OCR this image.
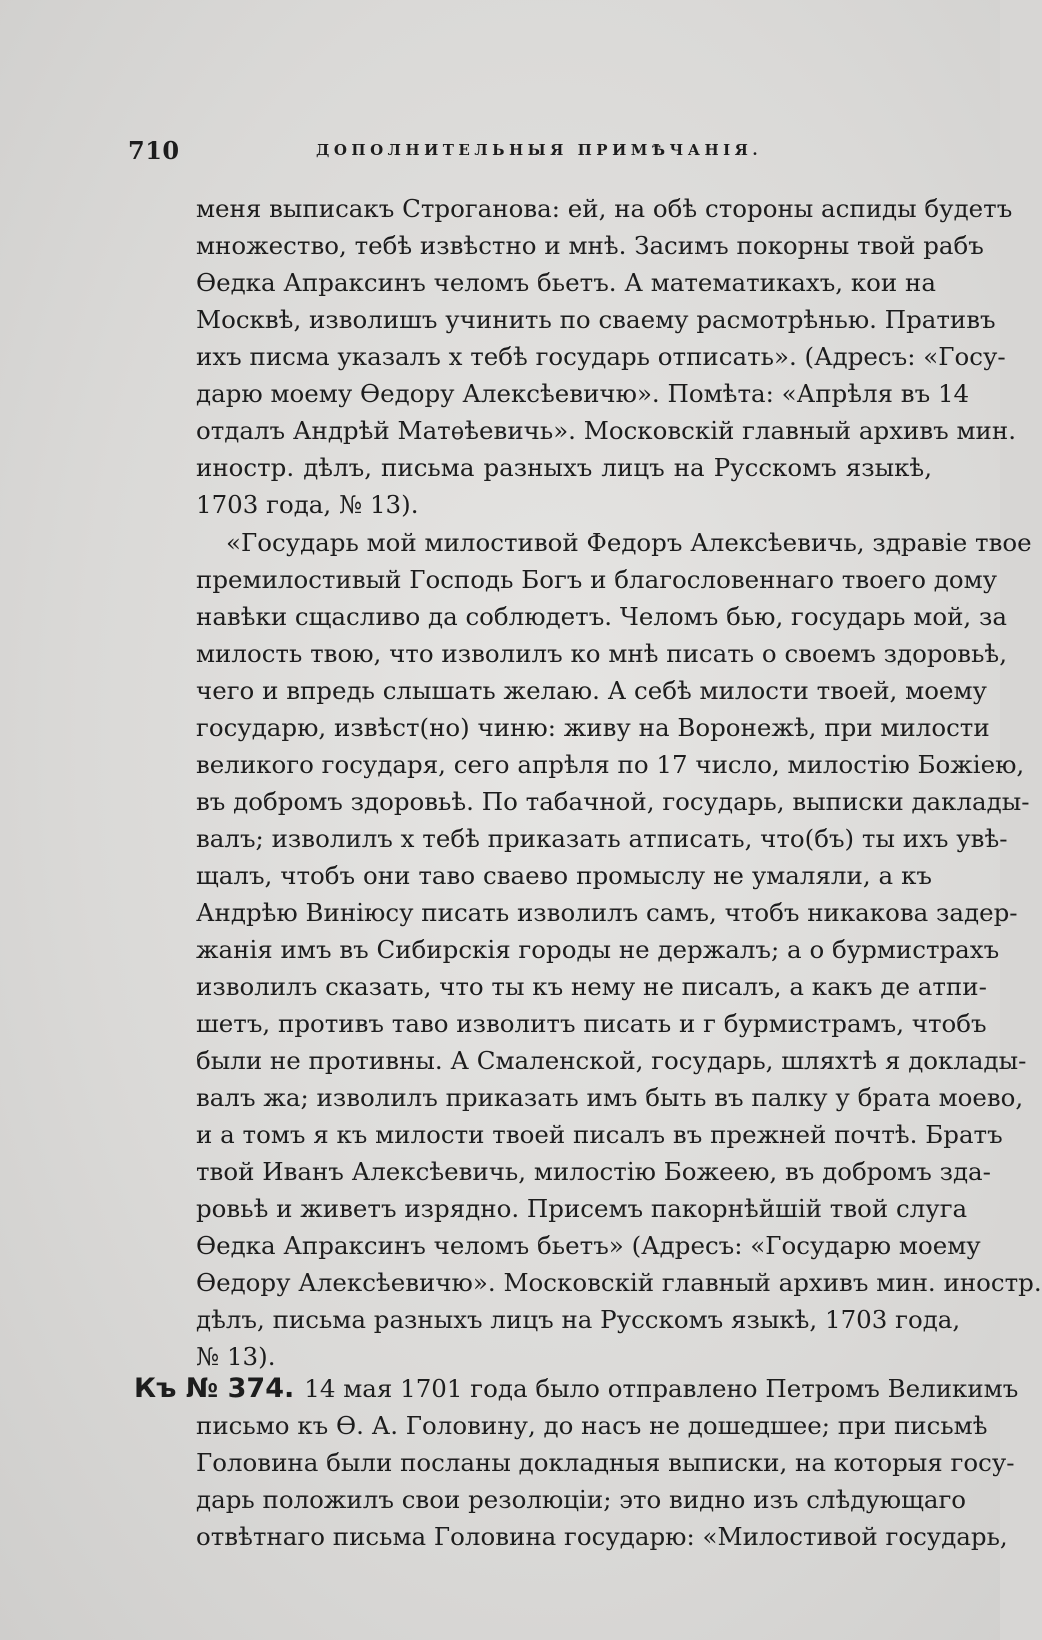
710	ДОПОЛНИТЕЛЬНЫЯ ПРИМѢЧАНІЯ.
меня выписакъ Строганова: ей, на обѣ стороны аспиды будетъ
множество, тебѣ извѣстно и мнѣ. Засимъ покорны твой рабъ
Ѳедка Апраксинъ челомъ бьетъ. А математикахъ, кои на
Москвѣ, изволишъ учинить по сваему расмотрѣнью. Пративъ
ихъ писма указалъ х тебѣ государь отписать». (Адресъ: «Госу-
дарю моему Ѳедору Алексѣевичю». Помѣта: «Апрѣля въ 14
отдалъ Андрѣй Матѳѣевичь». Московскій главный архивъ мин.
иностр. дѣлъ, письма разныхъ лицъ на Русскомъ языкѣ,
1703 года, № 13).
«Государь мой милостивой Федоръ Алексѣевичь, здравіе твое
премилостивый Господь Богъ и благословеннаго твоего дому
навѣки сщасливо да соблюдетъ. Челомъ бью, государь мой, за
милость твою, что изволилъ ко мнѣ писать о своемъ здоровьѣ,
чего и впредь слышать желаю. А себѣ милости твоей, моему
государю, извѣст(но) чиню: живу на Воронежѣ, при милости
великого государя, сего апрѣля по 17 число, милостію Божіею,
въ добромъ здоровьѣ. По табачной, государь, выписки даклады-
валъ; изволилъ х тебѣ приказать атписать, что(бъ) ты ихъ увѣ-
щалъ, чтобъ они таво сваево промыслу не умаляли, а къ
Андрѣю Виніюсу писать изволилъ самъ, чтобъ никакова задер-
жанія имъ въ Сибирскія городы не держалъ; а о бурмистрахъ
изволилъ сказать, что ты къ нему не писалъ, а какъ де атпи-
шетъ, противъ таво изволитъ писать и г бурмистрамъ, чтобъ
были не противны. А Смаленской, государь, шляхтѣ я доклады-
валъ жа; изволилъ приказать имъ быть въ палку у брата моево,
и а томъ я къ милости твоей писалъ въ прежней почтѣ. Братъ
твой Иванъ Алексѣевичь, милостію Божеею, въ добромъ зда-
ровьѣ и живетъ изрядно. Присемъ пакорнѣйшій твой слуга
Ѳедка Апраксинъ челомъ бьетъ» (Адресъ: «Государю моему
Ѳедору Алексѣевичю». Московскій главный архивъ мин. иностр.
дѣлъ, письма разныхъ лицъ на Русскомъ языкѣ, 1703 года,
№ 13).
Къ № 374. 14 мая 1701 года было отправлено Петромъ Великимъ
письмо къ Ѳ. А. Головину, до насъ не дошедшее; при письмѣ
Головина были посланы докладныя выписки, на которыя госу-
дарь положилъ свои резолюціи; это видно изъ слѣдующаго
отвѣтнаго письма Головина государю: «Милостивой государь,
